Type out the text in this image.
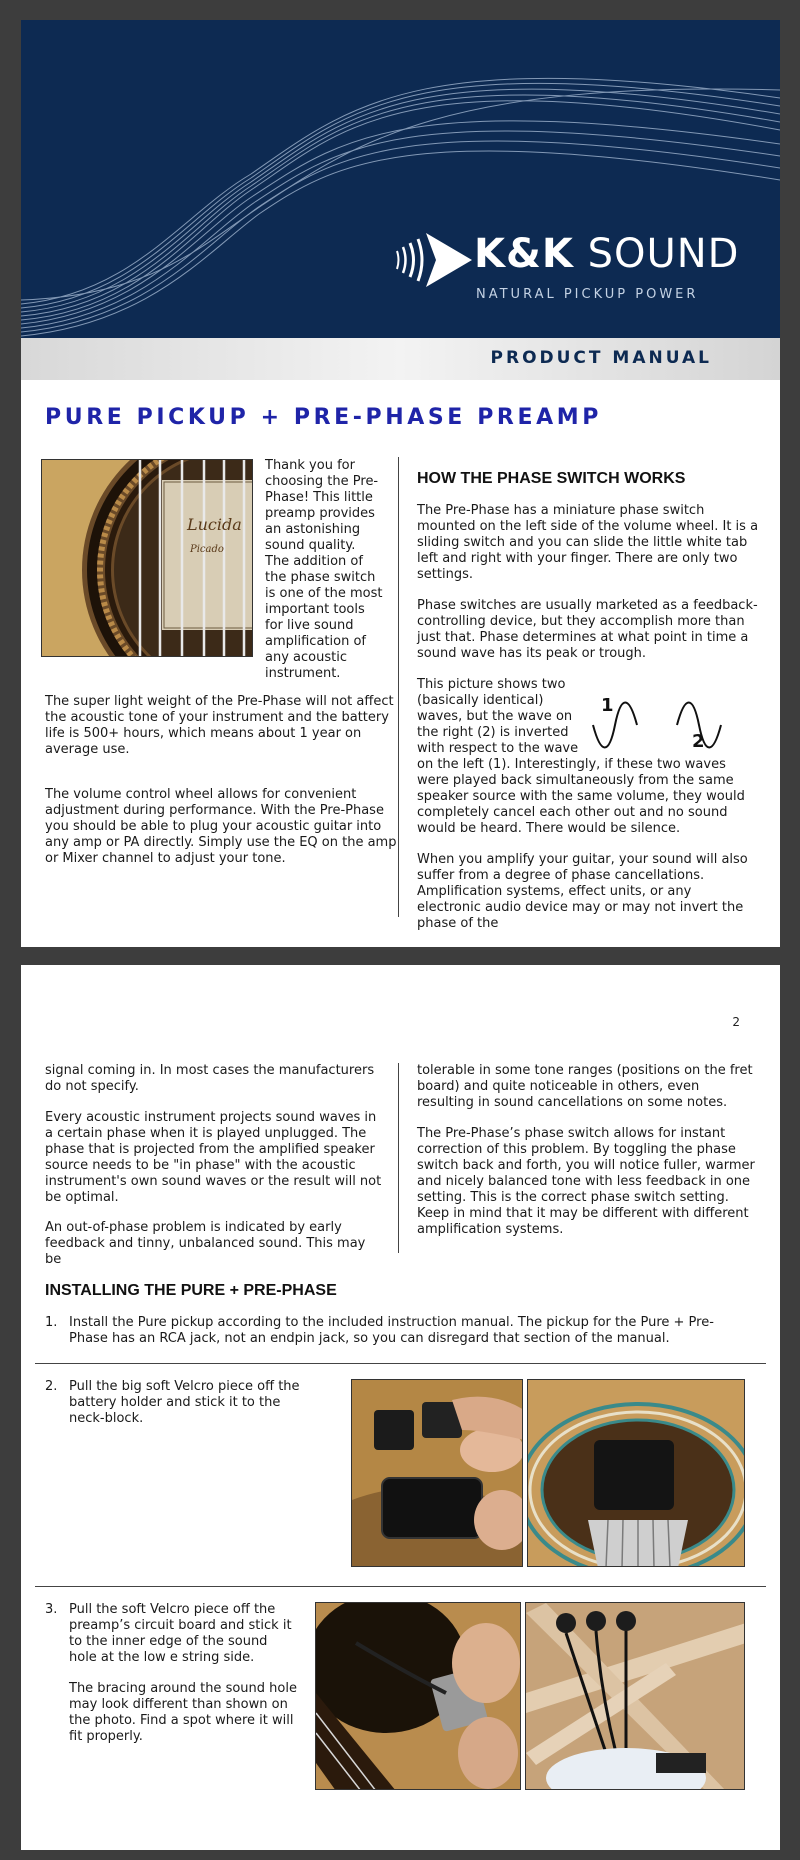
K&K SOUND
NATURAL PICKUP POWER
PRODUCT MANUAL
PURE PICKUP + PRE-PHASE PREAMP
Lucida
Picado
Thank you for
choosing the Pre-
Phase! This little
preamp provides
an astonishing
sound quality.
The addition of
the phase switch
is one of the most
important tools
for live sound
amplification of
any acoustic
instrument.
The super light weight of the Pre-Phase will not affect the acoustic tone of your instrument and the battery life is 500+ hours, which means about 1 year on average use.
The volume control wheel allows for convenient adjustment during performance. With the Pre-Phase you should be able to plug your acoustic guitar into any amp or PA directly. Simply use the EQ on the amp or Mixer channel to adjust your tone.
HOW THE PHASE SWITCH WORKS
The Pre-Phase has a miniature phase switch mounted on the left side of the volume wheel. It is a sliding switch and you can slide the little white tab left and right with your finger. There are only two settings.
Phase switches are usually marketed as a feedback-controlling device, but they accomplish more than just that. Phase determines at what point in time a sound wave has its peak or trough.
This picture shows two
(basically identical)
waves, but the wave on
the right (2) is inverted
with respect to the wave
1
2
on the left (1). Interestingly, if these two waves were played back simultaneously from the same speaker source with the same volume, they would completely cancel each other out and no sound would be heard. There would be silence.
When you amplify your guitar, your sound will also suffer from a degree of phase cancellations. Amplification systems, effect units, or any electronic audio device may or may not invert the phase of the
2
signal coming in. In most cases the manufacturers do not specify.
Every acoustic instrument projects sound waves in a certain phase when it is played unplugged. The phase that is projected from the amplified speaker source needs to be "in phase" with the acoustic instrument's own sound waves or the result will not be optimal.
An out-of-phase problem is indicated by early feedback and tinny, unbalanced sound. This may be
tolerable in some tone ranges (positions on the fret board) and quite noticeable in others, even resulting in sound cancellations on some notes.
The Pre-Phase’s phase switch allows for instant correction of this problem. By toggling the phase switch back and forth, you will notice fuller, warmer and nicely balanced tone with less feedback in one setting. This is the correct phase switch setting. Keep in mind that it may be different with different amplification systems.
INSTALLING THE PURE + PRE-PHASE
1. Install the Pure pickup according to the included instruction manual. The pickup for the Pure + Pre-Phase has an RCA jack, not an endpin jack, so you can disregard that section of the manual.
2. Pull the big soft Velcro piece off the battery holder and stick it to the neck-block.
3. Pull the soft Velcro piece off the preamp’s circuit board and stick it to the inner edge of the sound hole at the low e string side.
The bracing around the sound hole may look different than shown on the photo. Find a spot where it will fit properly.
